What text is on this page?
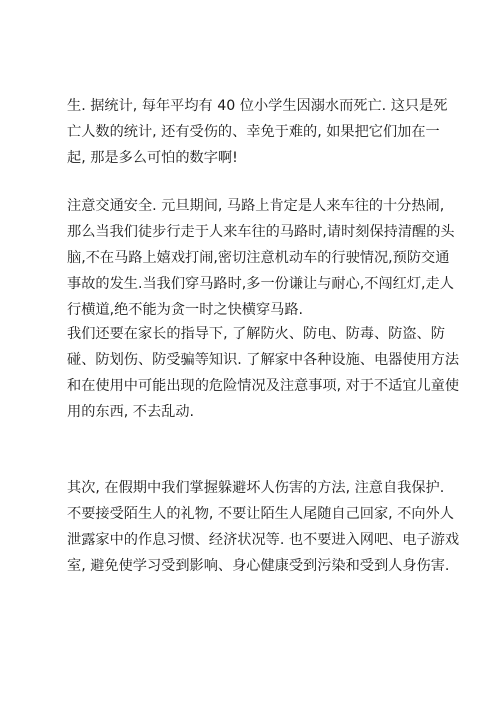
生. 据统计, 每年平均有 40 位小学生因溺水而死亡. 这只是死
亡人数的统计, 还有受伤的、幸免于难的, 如果把它们加在一
起, 那是多么可怕的数字啊!

注意交通安全. 元旦期间, 马路上肯定是人来车往的十分热闹,
那么当我们徒步行走于人来车往的马路时,请时刻保持清醒的头
脑,不在马路上嬉戏打闹,密切注意机动车的行驶情况,预防交通
事故的发生.当我们穿马路时,多一份谦让与耐心,不闯红灯,走人
行横道,绝不能为贪一时之快横穿马路.

我们还要在家长的指导下, 了解防火、防电、防毒、防盗、防
碰、防划伤、防受骗等知识. 了解家中各种设施、电器使用方法
和在使用中可能出现的危险情况及注意事项, 对于不适宜儿童使
用的东西, 不去乱动.

其次, 在假期中我们掌握躲避坏人伤害的方法, 注意自我保护.
不要接受陌生人的礼物, 不要让陌生人尾随自己回家, 不向外人
泄露家中的作息习惯、经济状况等. 也不要进入网吧、电子游戏
室, 避免使学习受到影响、身心健康受到污染和受到人身伤害.
